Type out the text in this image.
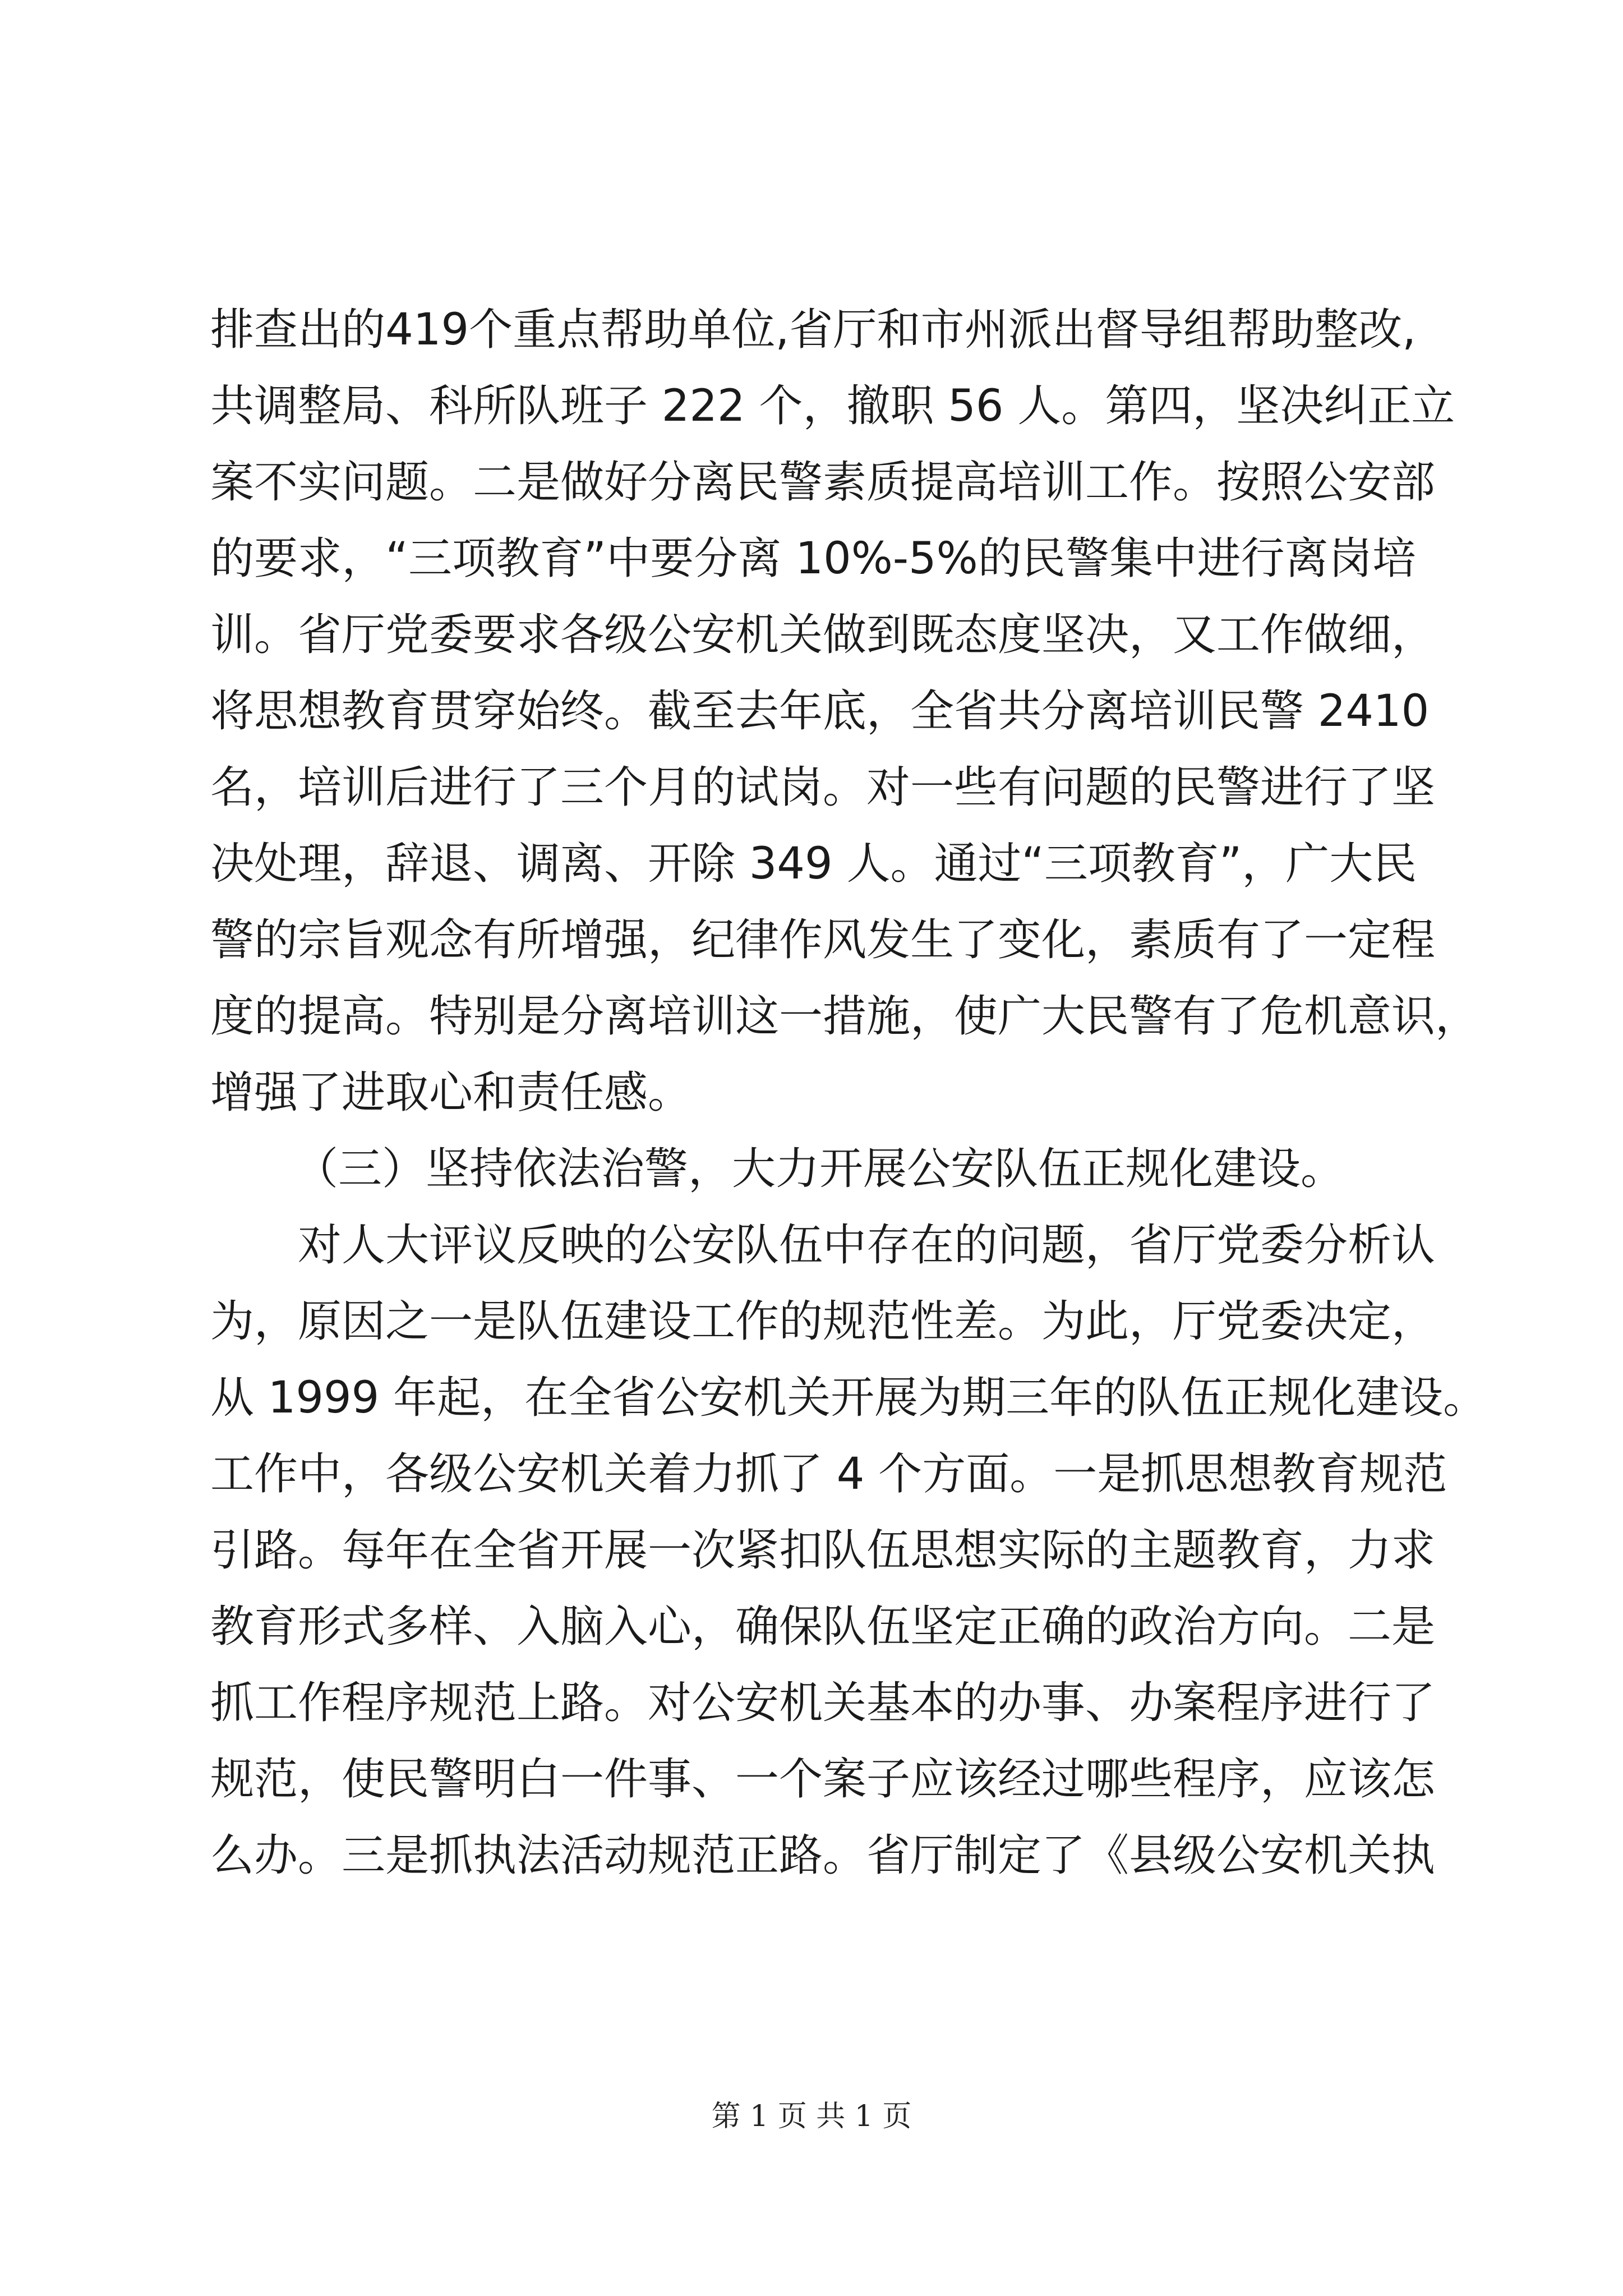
排查出的419个重点帮助单位,省厅和市州派出督导组帮助整改,
共调整局、科所队班子 222 个，撤职 56 人。第四，坚决纠正立
案不实问题。二是做好分离民警素质提高培训工作。按照公安部
的要求，“三项教育”中要分离 10%-5%的民警集中进行离岗培
训。省厅党委要求各级公安机关做到既态度坚决，又工作做细，
将思想教育贯穿始终。截至去年底，全省共分离培训民警 2410
名，培训后进行了三个月的试岗。对一些有问题的民警进行了坚
决处理，辞退、调离、开除 349 人。通过“三项教育”，广大民
警的宗旨观念有所增强，纪律作风发生了变化，素质有了一定程
度的提高。特别是分离培训这一措施，使广大民警有了危机意识，
增强了进取心和责任感。
（三）坚持依法治警，大力开展公安队伍正规化建设。
对人大评议反映的公安队伍中存在的问题，省厅党委分析认
为，原因之一是队伍建设工作的规范性差。为此，厅党委决定，
从 1999 年起，在全省公安机关开展为期三年的队伍正规化建设。
工作中，各级公安机关着力抓了 4 个方面。一是抓思想教育规范
引路。每年在全省开展一次紧扣队伍思想实际的主题教育，力求
教育形式多样、入脑入心，确保队伍坚定正确的政治方向。二是
抓工作程序规范上路。对公安机关基本的办事、办案程序进行了
规范，使民警明白一件事、一个案子应该经过哪些程序，应该怎
么办。三是抓执法活动规范正路。省厅制定了《县级公安机关执
第 1 页 共 1 页
